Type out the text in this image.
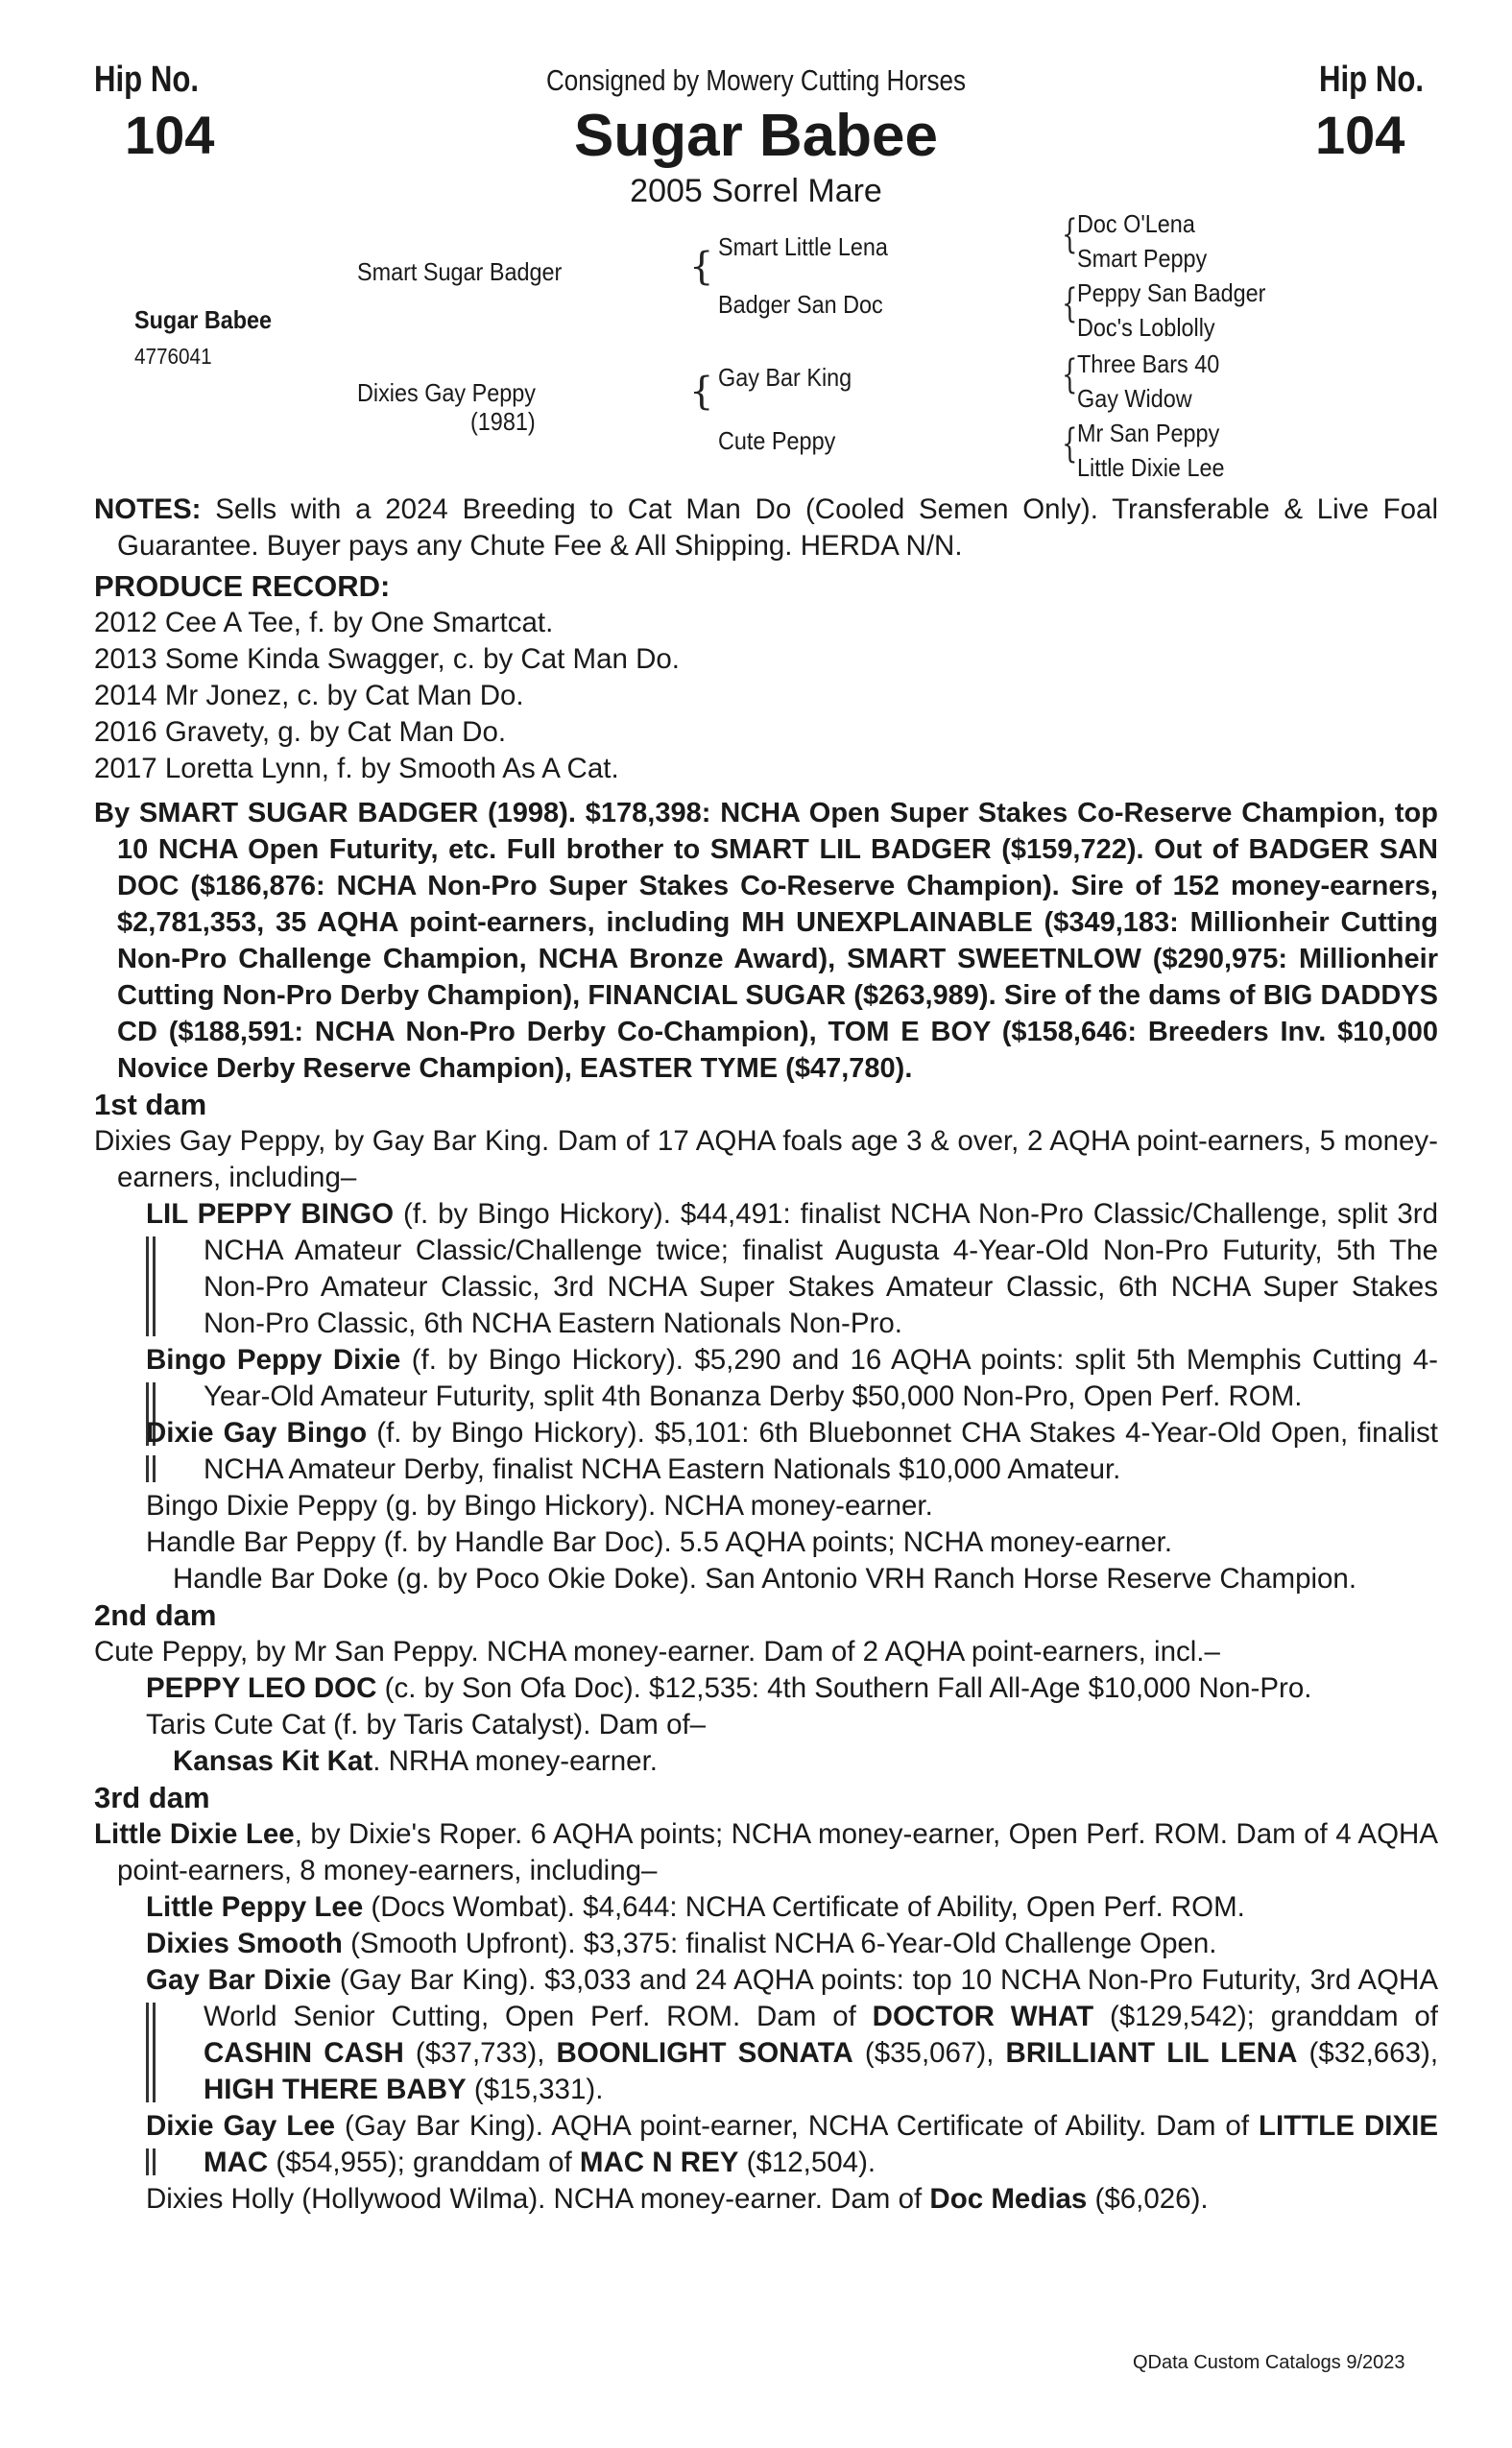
Hip No.
104
Hip No.
104
Consigned by Mowery Cutting Horses
Sugar Babee
2005 Sorrel Mare
Sugar Babee
4776041
Smart Sugar Badger
Dixies Gay Peppy
(1981)
{ Smart Little Lena
Badger San Doc
{ Gay Bar King
Cute Peppy
{ Doc O'Lena
Smart Peppy
{ Peppy San Badger
Doc's Loblolly
{ Three Bars 40
Gay Widow
{ Mr San Peppy
Little Dixie Lee

NOTES: Sells with a 2024 Breeding to Cat Man Do (Cooled Semen Only). Transferable & Live Foal Guarantee. Buyer pays any Chute Fee & All Shipping. HERDA N/N.

PRODUCE RECORD:

2012 Cee A Tee, f. by One Smartcat.

2013 Some Kinda Swagger, c. by Cat Man Do.

2014 Mr Jonez, c. by Cat Man Do.

2016 Gravety, g. by Cat Man Do.

2017 Loretta Lynn, f. by Smooth As A Cat.

By SMART SUGAR BADGER (1998). $178,398: NCHA Open Super Stakes Co-Reserve Champion, top 10 NCHA Open Futurity, etc. Full brother to SMART LIL BADGER ($159,722). Out of BADGER SAN DOC ($186,876: NCHA Non-Pro Super Stakes Co-Reserve Champion). Sire of 152 money-earners, $2,781,353, 35 AQHA point-earners, including MH UNEXPLAINABLE ($349,183: Millionheir Cutting Non-Pro Challenge Champion, NCHA Bronze Award), SMART SWEETNLOW ($290,975: Millionheir Cutting Non-Pro Derby Champion), FINANCIAL SUGAR ($263,989). Sire of the dams of BIG DADDYS CD ($188,591: NCHA Non-Pro Derby Co-Champion), TOM E BOY ($158,646: Breeders Inv. $10,000 Novice Derby Reserve Champion), EASTER TYME ($47,780).

1st dam

Dixies Gay Peppy, by Gay Bar King. Dam of 17 AQHA foals age 3 & over, 2 AQHA point-earners, 5 money-earners, including–

LIL PEPPY BINGO (f. by Bingo Hickory). $44,491: finalist NCHA Non-Pro Classic/Challenge, split 3rd NCHA Amateur Classic/Challenge twice; finalist Augusta 4-Year-Old Non-Pro Futurity, 5th The Non-Pro Amateur Classic, 3rd NCHA Super Stakes Amateur Classic, 6th NCHA Super Stakes Non-Pro Classic, 6th NCHA Eastern Nationals Non-Pro.

Bingo Peppy Dixie (f. by Bingo Hickory). $5,290 and 16 AQHA points: split 5th Memphis Cutting 4-Year-Old Amateur Futurity, split 4th Bonanza Derby $50,000 Non-Pro, Open Perf. ROM.

Dixie Gay Bingo (f. by Bingo Hickory). $5,101: 6th Bluebonnet CHA Stakes 4-Year-Old Open, finalist NCHA Amateur Derby, finalist NCHA Eastern Nationals $10,000 Amateur.

Bingo Dixie Peppy (g. by Bingo Hickory). NCHA money-earner.

Handle Bar Peppy (f. by Handle Bar Doc). 5.5 AQHA points; NCHA money-earner.

Handle Bar Doke (g. by Poco Okie Doke). San Antonio VRH Ranch Horse Reserve Champion.

2nd dam

Cute Peppy, by Mr San Peppy. NCHA money-earner. Dam of 2 AQHA point-earners, incl.–

PEPPY LEO DOC (c. by Son Ofa Doc). $12,535: 4th Southern Fall All-Age $10,000 Non-Pro.

Taris Cute Cat (f. by Taris Catalyst). Dam of–

Kansas Kit Kat. NRHA money-earner.

3rd dam

Little Dixie Lee, by Dixie's Roper. 6 AQHA points; NCHA money-earner, Open Perf. ROM. Dam of 4 AQHA point-earners, 8 money-earners, including–

Little Peppy Lee (Docs Wombat). $4,644: NCHA Certificate of Ability, Open Perf. ROM.

Dixies Smooth (Smooth Upfront). $3,375: finalist NCHA 6-Year-Old Challenge Open.

Gay Bar Dixie (Gay Bar King). $3,033 and 24 AQHA points: top 10 NCHA Non-Pro Futurity, 3rd AQHA World Senior Cutting, Open Perf. ROM. Dam of DOCTOR WHAT ($129,542); granddam of CASHIN CASH ($37,733), BOONLIGHT SONATA ($35,067), BRILLIANT LIL LENA ($32,663), HIGH THERE BABY ($15,331).

Dixie Gay Lee (Gay Bar King). AQHA point-earner, NCHA Certificate of Ability. Dam of LITTLE DIXIE MAC ($54,955); granddam of MAC N REY ($12,504).

Dixies Holly (Hollywood Wilma). NCHA money-earner. Dam of Doc Medias ($6,026).

QData Custom Catalogs 9/2023
